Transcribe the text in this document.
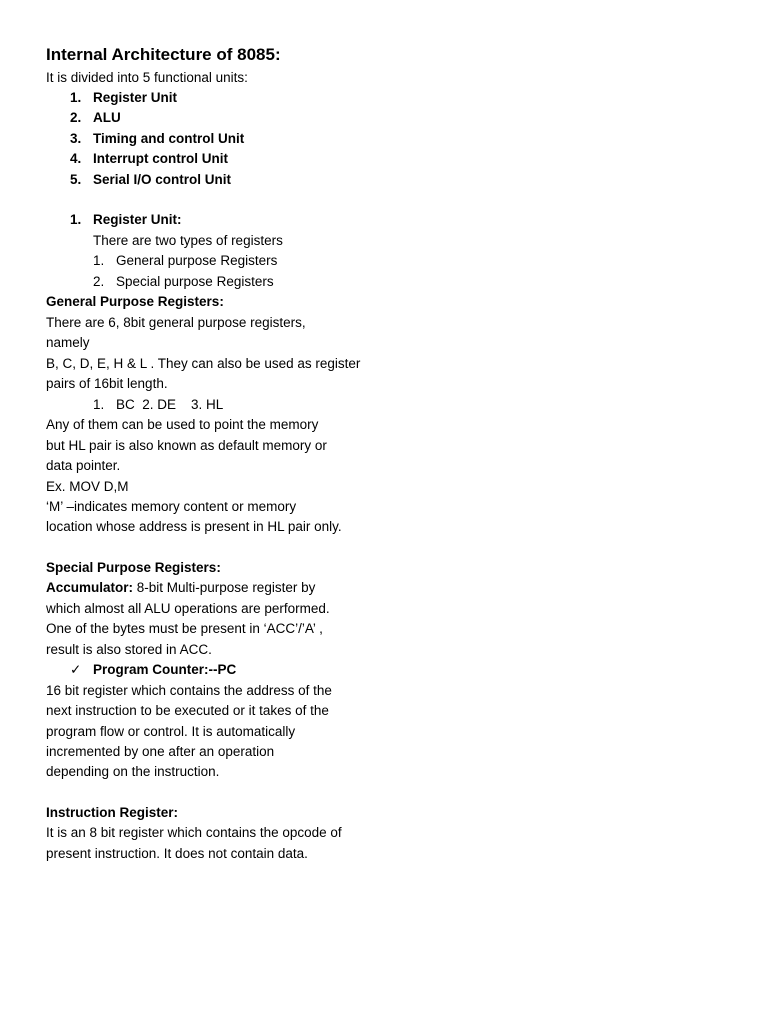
Internal Architecture of 8085:
It is divided into 5 functional units:
1. Register Unit
2. ALU
3. Timing and control Unit
4. Interrupt control Unit
5. Serial I/O control Unit
1. Register Unit:
There are two types of registers
1. General purpose Registers
2. Special purpose Registers
General Purpose Registers:
There are 6, 8bit general purpose registers,
namely
B, C, D, E, H & L . They can also be used as register
pairs of 16bit length.
1. BC  2. DE    3. HL
Any of them can be used to point the memory
but HL pair is also known as default memory or
data pointer.
Ex. MOV D,M
‘M’ –indicates memory content or memory
location whose address is present in HL pair only.
Special Purpose Registers:
Accumulator: 8-bit Multi-purpose register by
which almost all ALU operations are performed.
One of the bytes must be present in ‘ACC’/’A’ ,
result is also stored in ACC.
✓ Program Counter:--PC
16 bit register which contains the address of the
next instruction to be executed or it takes of the
program flow or control. It is automatically
incremented by one after an operation
depending on the instruction.
Instruction Register:
It is an 8 bit register which contains the opcode of
present instruction. It does not contain data.
